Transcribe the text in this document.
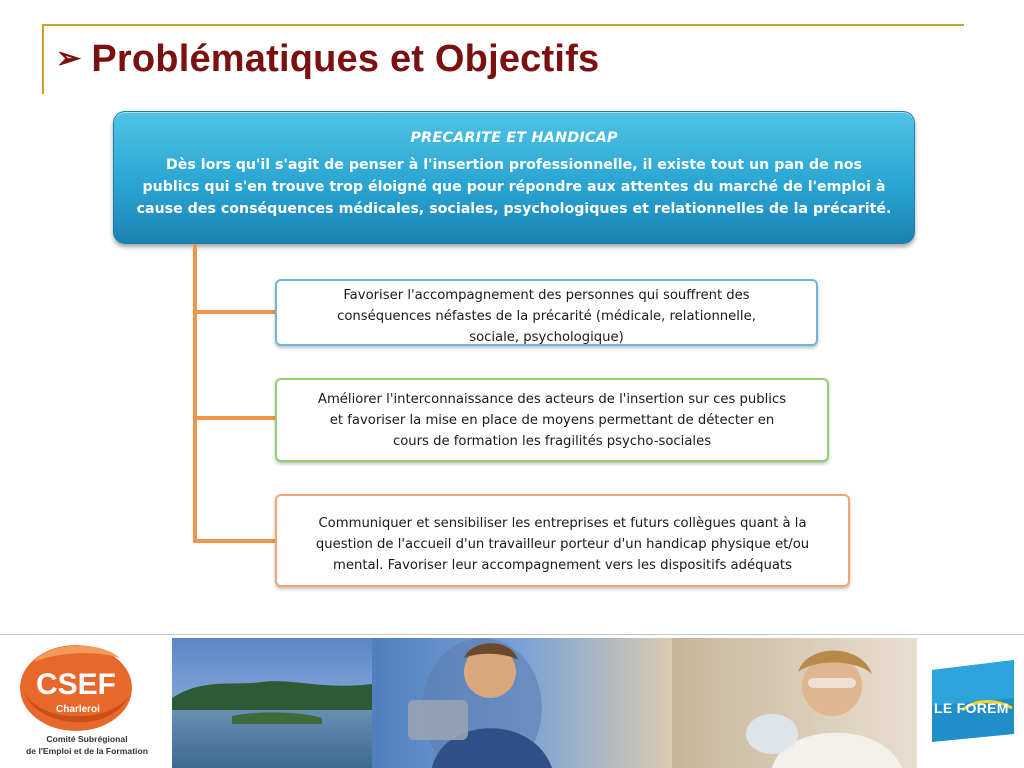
➢ Problématiques et Objectifs
PRECARITE ET HANDICAP
Dès lors qu'il s'agit de penser à l'insertion professionnelle, il existe tout un pan de nos
publics qui s'en trouve trop éloigné que pour répondre aux attentes du marché de l'emploi à
cause des conséquences médicales, sociales, psychologiques et relationnelles de la précarité.
Favoriser l'accompagnement des personnes qui souffrent des
conséquences néfastes de la précarité (médicale, relationnelle,
sociale, psychologique)
Améliorer l'interconnaissance des acteurs de l'insertion sur ces publics
et favoriser la mise en place de moyens permettant de détecter en
cours de formation les fragilités psycho-sociales
Communiquer et sensibiliser les entreprises et futurs collègues quant à la
question de l'accueil d'un travailleur porteur d'un handicap physique et/ou
mental. Favoriser leur accompagnement vers les dispositifs adéquats
CSEF
Charleroi
Comité Subrégional
de l'Emploi et de la Formation
LE FOREM
